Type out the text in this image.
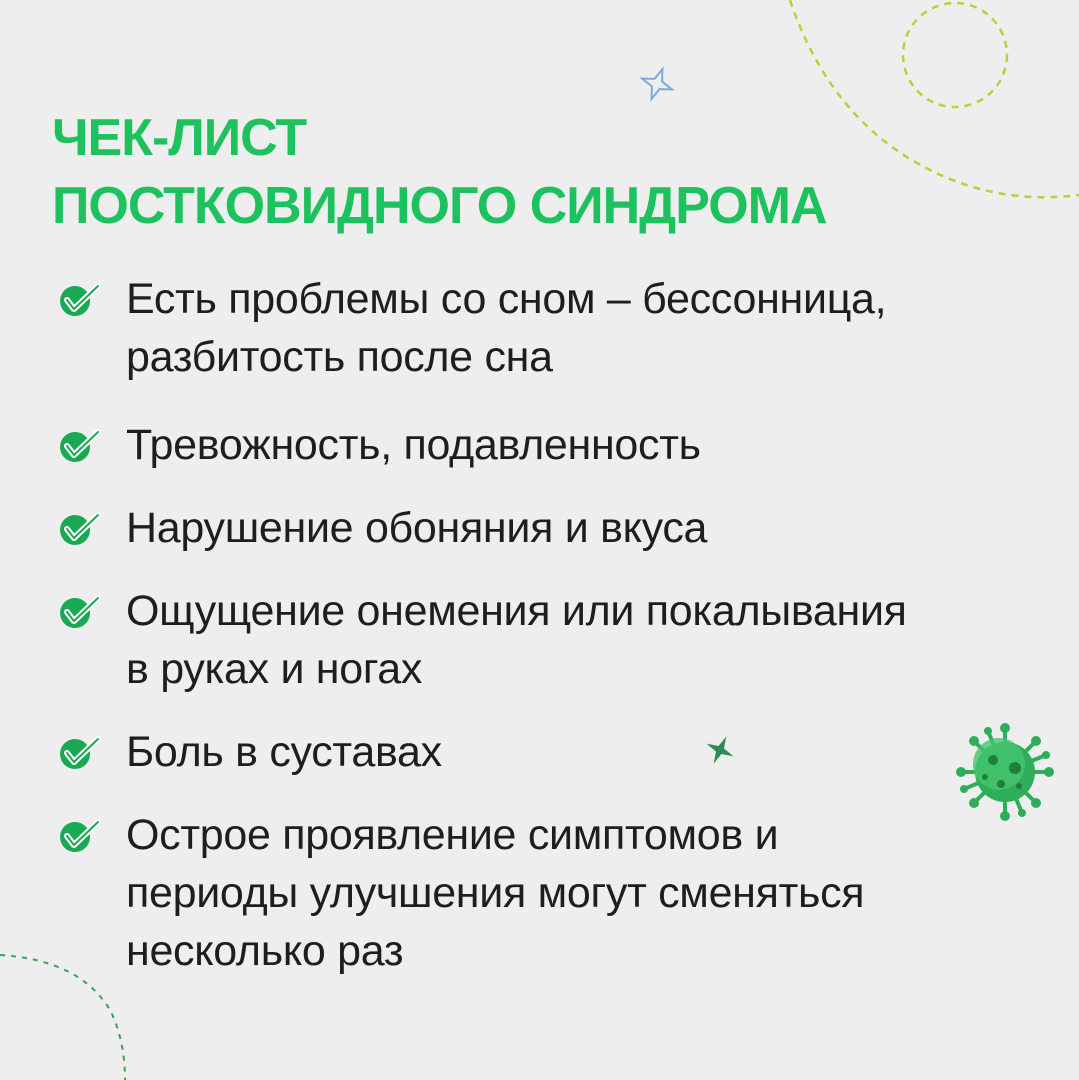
ЧЕК-ЛИСТ
ПОСТКОВИДНОГО СИНДРОМА
Есть проблемы со сном – бессонница,
разбитость после сна
Тревожность, подавленность
Нарушение обоняния и вкуса
Ощущение онемения или покалывания
в руках и ногах
Боль в суставах
Острое проявление симптомов и
периоды улучшения могут сменяться
несколько раз
